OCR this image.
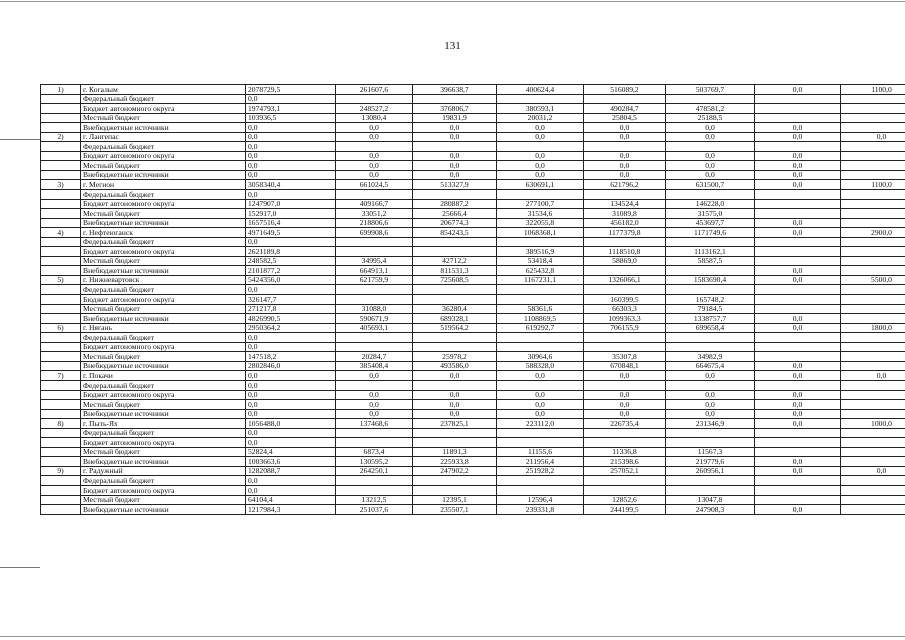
131
1)	г. Когалым	2078729,5	261607,6	396638,7	400624,4	516089,2	503769,7	0,0	1100,0
	Федеральный бюджет	0,0							
	Бюджет автономного округа	1974793,1	248527,2	376806,7	380593,1	490284,7	478581,2		
	Местный бюджет	103936,5	13080,4	19831,9	20031,2	25804,5	25188,5		
	Внебюджетные источники	0,0	0,0	0,0	0,0	0,0	0,0	0,0	
2)	г. Лангепас	0,0	0,0	0,0	0,0	0,0	0,0	0,0	0,0
	Федеральный бюджет	0,0							
	Бюджет автономного округа	0,0	0,0	0,0	0,0	0,0	0,0	0,0	
	Местный бюджет	0,0	0,0	0,0	0,0	0,0	0,0	0,0	
	Внебюджетные источники	0,0	0,0	0,0	0,0	0,0	0,0	0,0	
3)	г. Мегион	3058340,4	661024,5	513327,9	630691,1	621796,2	631500,7	0,0	1100,0
	Федеральный бюджет	0,0							
	Бюджет автономного округа	1247907,0	409166,7	280887,2	277100,7	134524,4	146228,0		
	Местный бюджет	152917,0	33051,2	25666,4	31534,6	31089,8	31575,0		
	Внебюджетные источники	1657516,4	218806,6	206774,3	322055,8	456182,0	453697,7	0,0	
4)	г. Нефтеюганск	4971649,5	699908,6	854243,5	1068368,1	1177379,8	1171749,6	0,0	2900,0
	Федеральный бюджет	0,0							
	Бюджет автономного округа	2621189,8			389516,9	1118510,8	1113162,1		
	Местный бюджет	248582,5	34995,4	42712,2	53418,4	58869,0	58587,5		
	Внебюджетные источники	2101877,2	664913,1	811531,3	625432,8			0,0	
5)	г. Нижневартовск	5424356,0	621759,9	725608,5	1167231,1	1326066,1	1583690,4	0,0	5500,0
	Федеральный бюджет	0,0							
	Бюджет автономного округа	326147,7				160399,5	165748,2		
	Местный бюджет	271217,8	31088,0	36280,4	58361,6	66303,3	79184,5		
	Внебюджетные источники	4826990,5	590671,9	689328,1	1108869,5	1099363,3	1338757,7	0,0	
6)	г. Нягань	2950364,2	405693,1	519564,2	619292,7	706155,9	699658,4	0,0	1800,0
	Федеральный бюджет	0,0							
	Бюджет автономного округа	0,0							
	Местный бюджет	147518,2	20284,7	25978,2	30964,6	35307,8	34982,9		
	Внебюджетные источники	2802846,0	385408,4	493586,0	588328,0	670848,1	664675,4	0,0	
7)	г. Покачи	0,0	0,0	0,0	0,0	0,0	0,0	0,0	0,0
	Федеральный бюджет	0,0							
	Бюджет автономного округа	0,0	0,0	0,0	0,0	0,0	0,0	0,0	
	Местный бюджет	0,0	0,0	0,0	0,0	0,0	0,0	0,0	
	Внебюджетные источники	0,0	0,0	0,0	0,0	0,0	0,0	0,0	
8)	г. Пыть-Ях	1056488,0	137468,6	237825,1	223112,0	226735,4	231346,9	0,0	1000,0
	Федеральный бюджет	0,0							
	Бюджет автономного округа	0,0							
	Местный бюджет	52824,4	6873,4	11891,3	11155,6	11336,8	11567,3		
	Внебюджетные источники	1003663,6	130595,2	225933,8	211956,4	215398,6	219779,6	0,0	
9)	г. Радужный	1282088,7	264250,1	247902,2	251928,2	257052,1	260956,1	0,0	0,0
	Федеральный бюджет	0,0							
	Бюджет автономного округа	0,0							
	Местный бюджет	64104,4	13212,5	12395,1	12596,4	12852,6	13047,8		
	Внебюджетные источники	1217984,3	251037,6	235507,1	239331,8	244199,5	247908,3	0,0	
